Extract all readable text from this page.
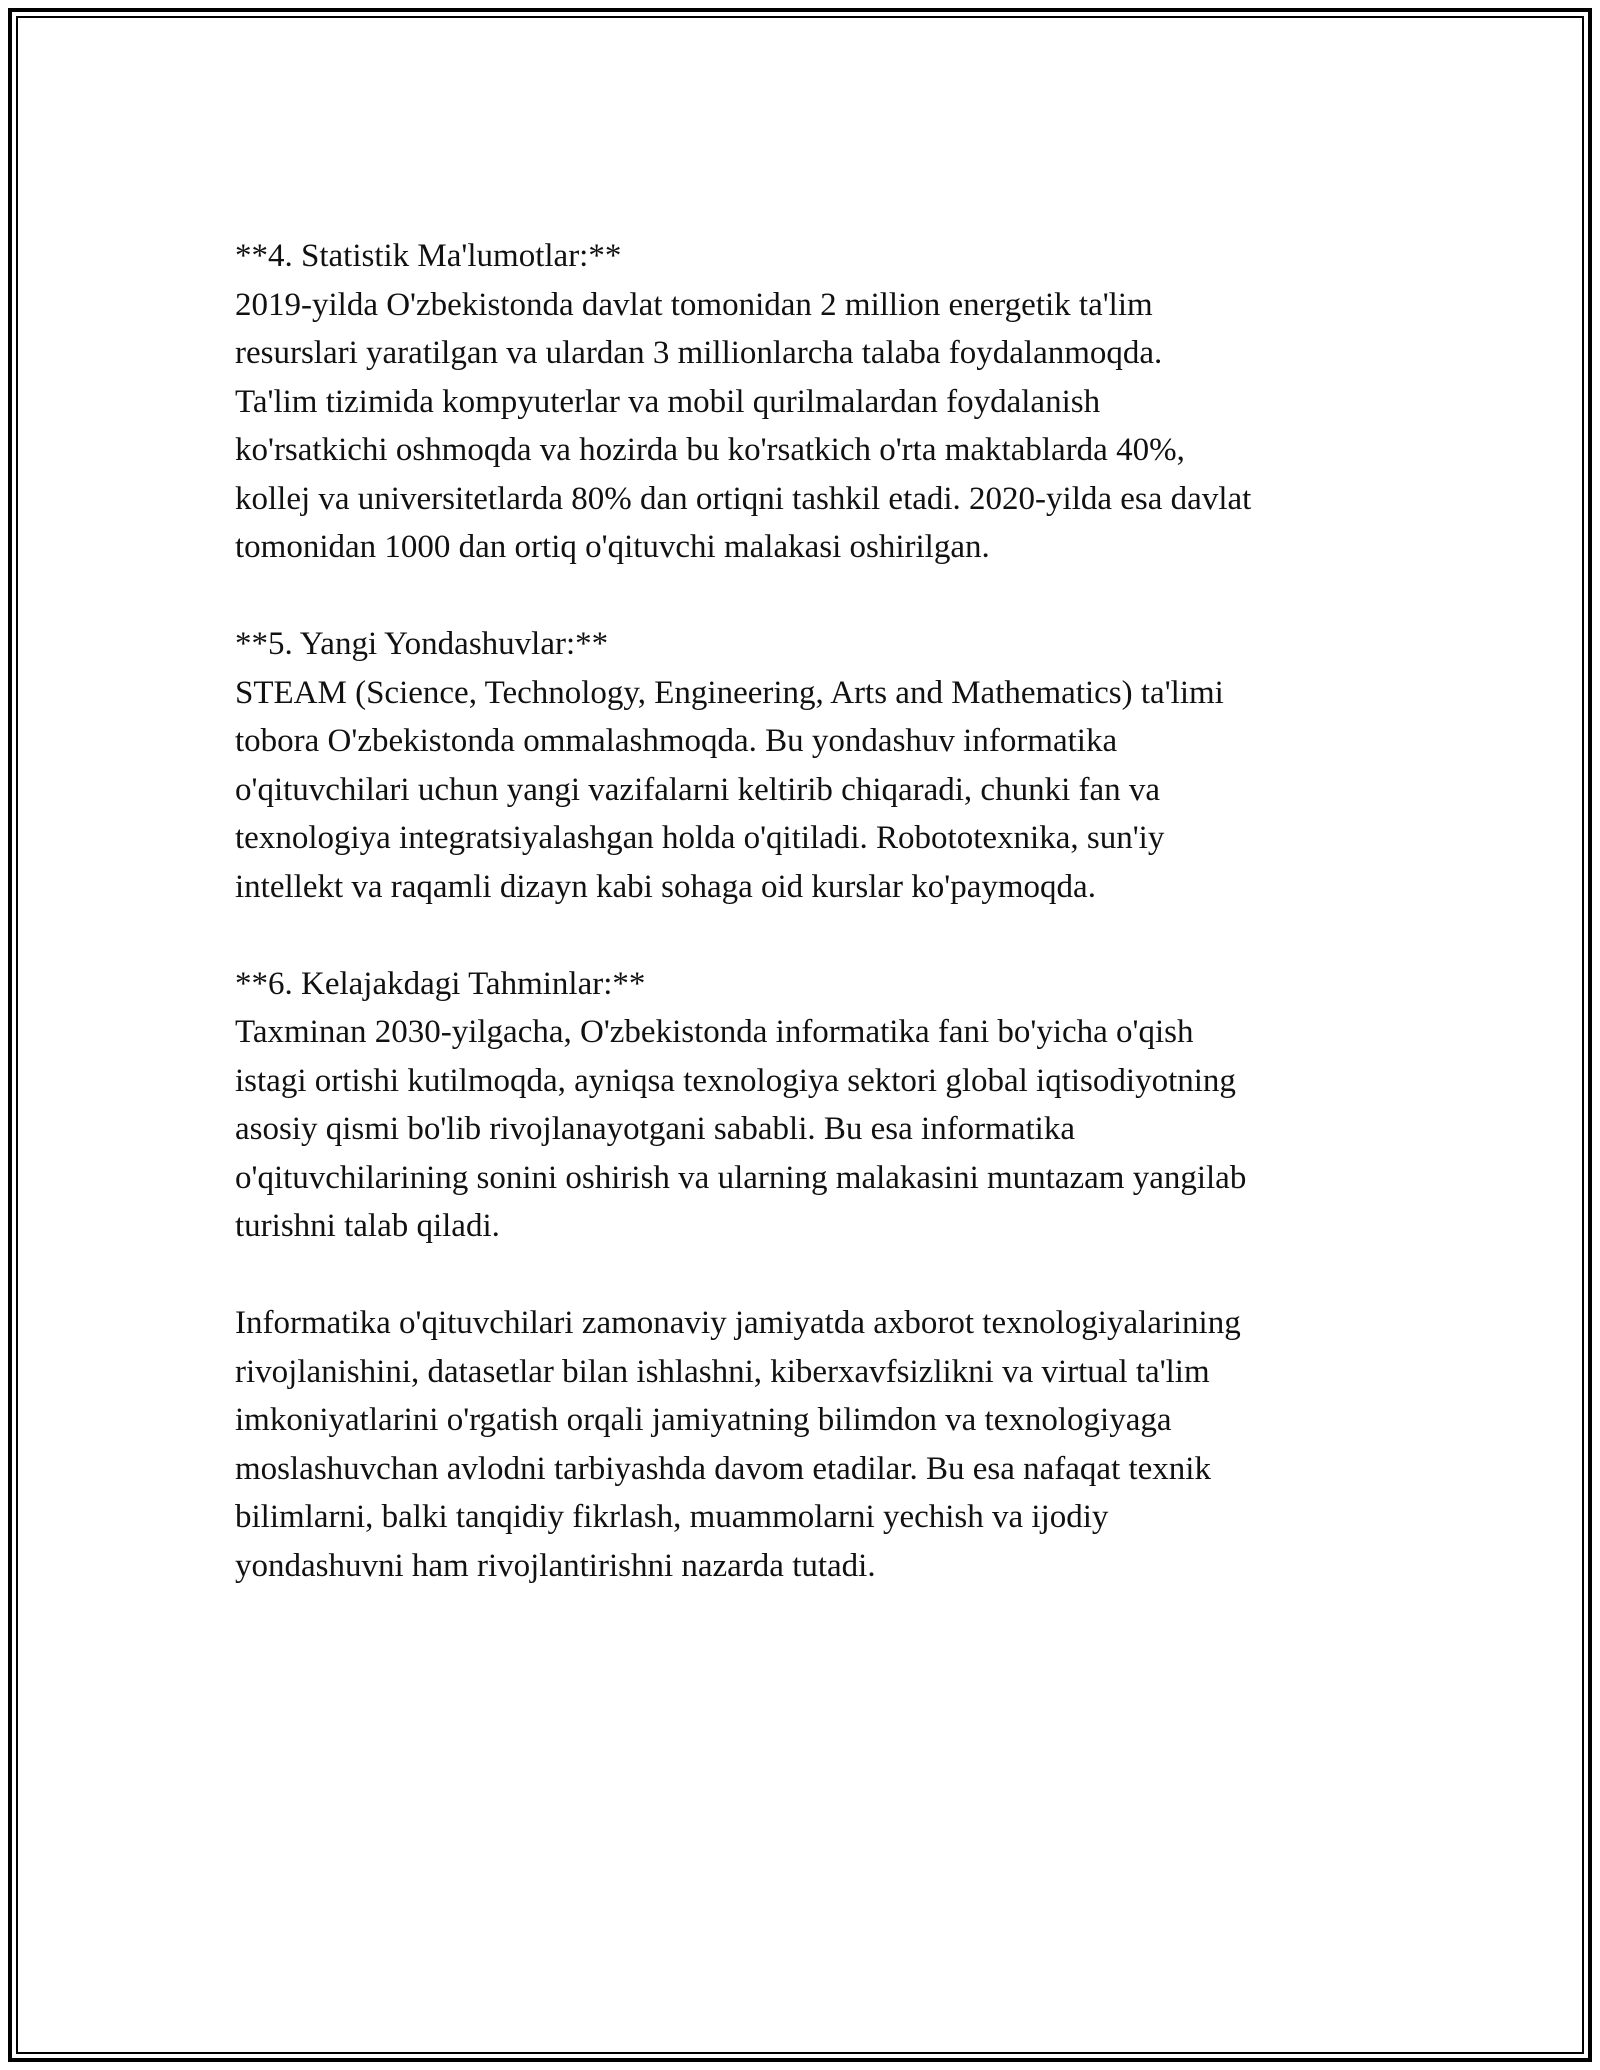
**4. Statistik Ma'lumotlar:**
2019-yilda O'zbekistonda davlat tomonidan 2 million energetik ta'lim
resurslari yaratilgan va ulardan 3 millionlarcha talaba foydalanmoqda.
Ta'lim tizimida kompyuterlar va mobil qurilmalardan foydalanish
ko'rsatkichi oshmoqda va hozirda bu ko'rsatkich o'rta maktablarda 40%,
kollej va universitetlarda 80% dan ortiqni tashkil etadi. 2020-yilda esa davlat
tomonidan 1000 dan ortiq o'qituvchi malakasi oshirilgan.
**5. Yangi Yondashuvlar:**
STEAM (Science, Technology, Engineering, Arts and Mathematics) ta'limi
tobora O'zbekistonda ommalashmoqda. Bu yondashuv informatika
o'qituvchilari uchun yangi vazifalarni keltirib chiqaradi, chunki fan va
texnologiya integratsiyalashgan holda o'qitiladi. Robototexnika, sun'iy
intellekt va raqamli dizayn kabi sohaga oid kurslar ko'paymoqda.
**6. Kelajakdagi Tahminlar:**
Taxminan 2030-yilgacha, O'zbekistonda informatika fani bo'yicha o'qish
istagi ortishi kutilmoqda, ayniqsa texnologiya sektori global iqtisodiyotning
asosiy qismi bo'lib rivojlanayotgani sababli. Bu esa informatika
o'qituvchilarining sonini oshirish va ularning malakasini muntazam yangilab
turishni talab qiladi.
Informatika o'qituvchilari zamonaviy jamiyatda axborot texnologiyalarining
rivojlanishini, datasetlar bilan ishlashni, kiberxavfsizlikni va virtual ta'lim
imkoniyatlarini o'rgatish orqali jamiyatning bilimdon va texnologiyaga
moslashuvchan avlodni tarbiyashda davom etadilar. Bu esa nafaqat texnik
bilimlarni, balki tanqidiy fikrlash, muammolarni yechish va ijodiy
yondashuvni ham rivojlantirishni nazarda tutadi.
